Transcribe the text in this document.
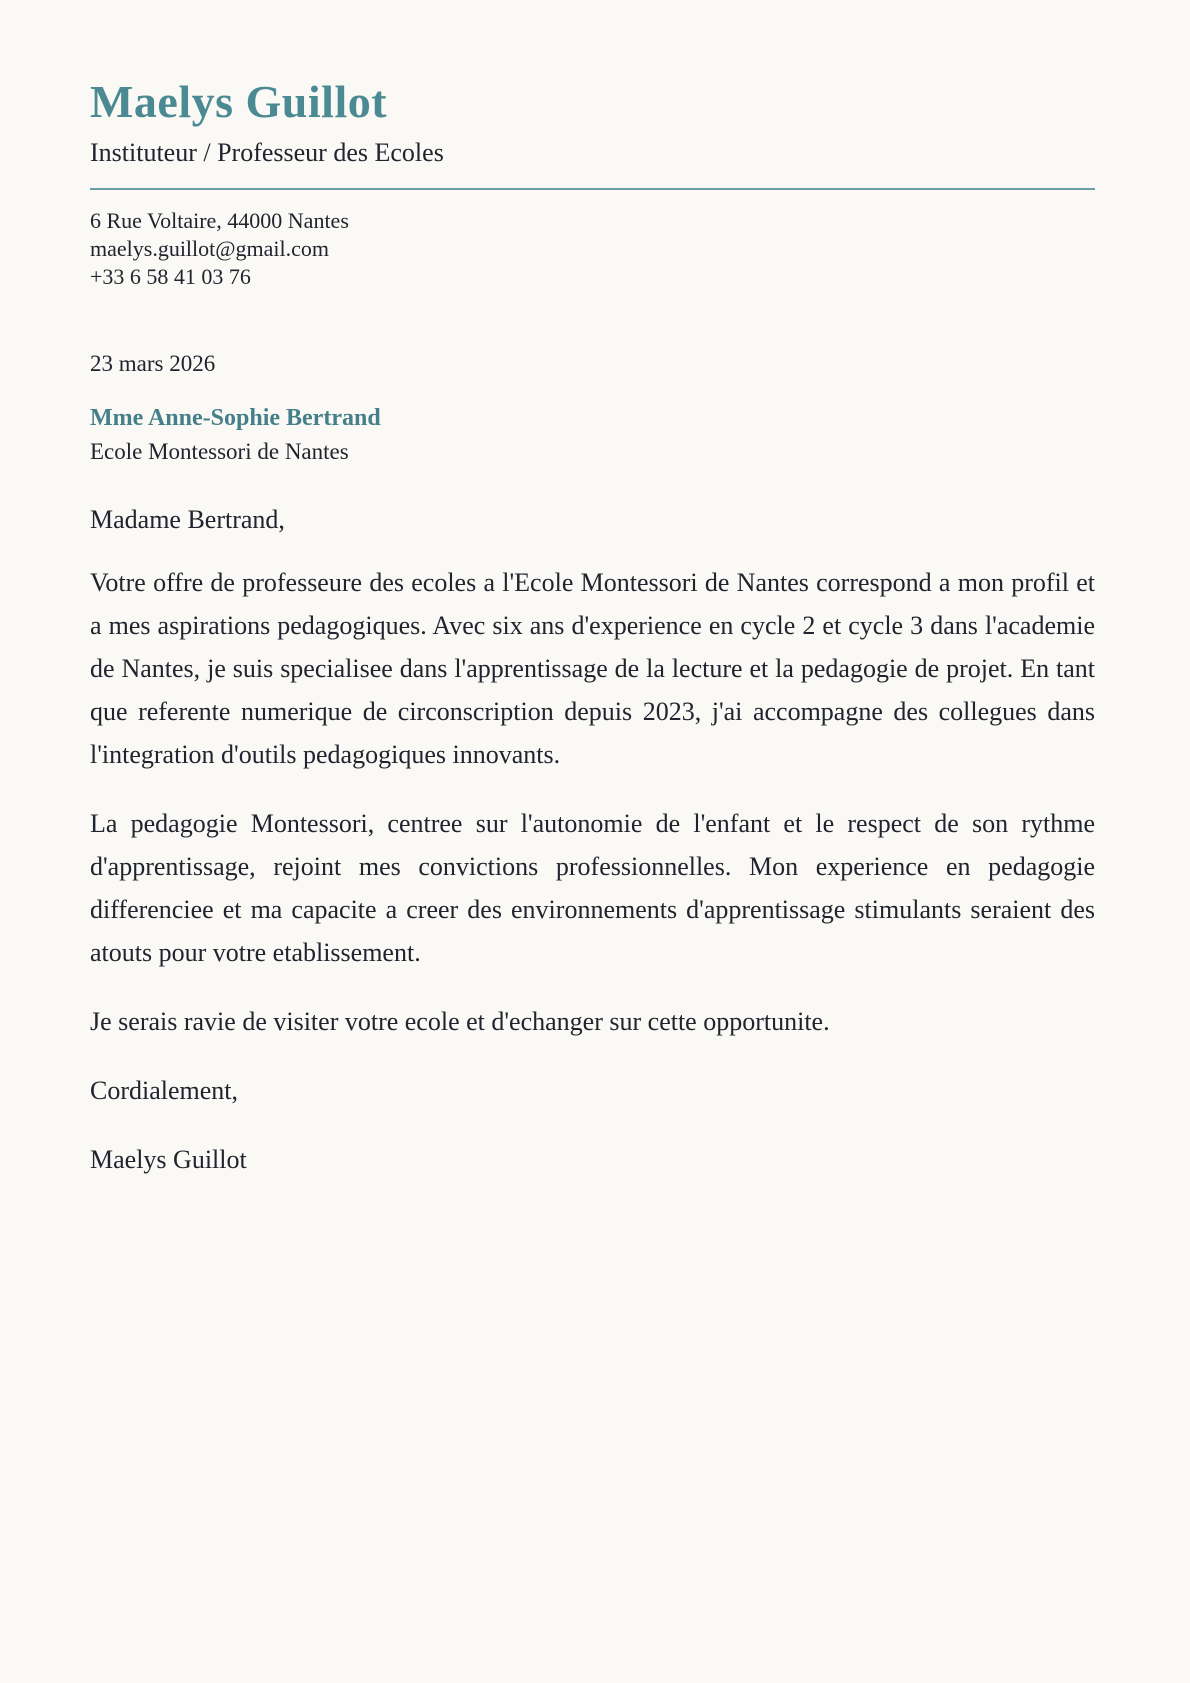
Maelys Guillot
Instituteur / Professeur des Ecoles
6 Rue Voltaire, 44000 Nantes
maelys.guillot@gmail.com
+33 6 58 41 03 76
23 mars 2026
Mme Anne-Sophie Bertrand
Ecole Montessori de Nantes
Madame Bertrand,

Votre offre de professeure des ecoles a l'Ecole Montessori de Nantes correspond a mon profil et a mes aspirations pedagogiques. Avec six ans d'experience en cycle 2 et cycle 3 dans l'academie de Nantes, je suis specialisee dans l'apprentissage de la lecture et la pedagogie de projet. En tant que referente numerique de circonscription depuis 2023, j'ai accompagne des collegues dans l'integration d'outils pedagogiques innovants.

La pedagogie Montessori, centree sur l'autonomie de l'enfant et le respect de son rythme d'apprentissage, rejoint mes convictions professionnelles. Mon experience en pedagogie differenciee et ma capacite a creer des environnements d'apprentissage stimulants seraient des atouts pour votre etablissement.

Je serais ravie de visiter votre ecole et d'echanger sur cette opportunite.

Cordialement,
Maelys Guillot
